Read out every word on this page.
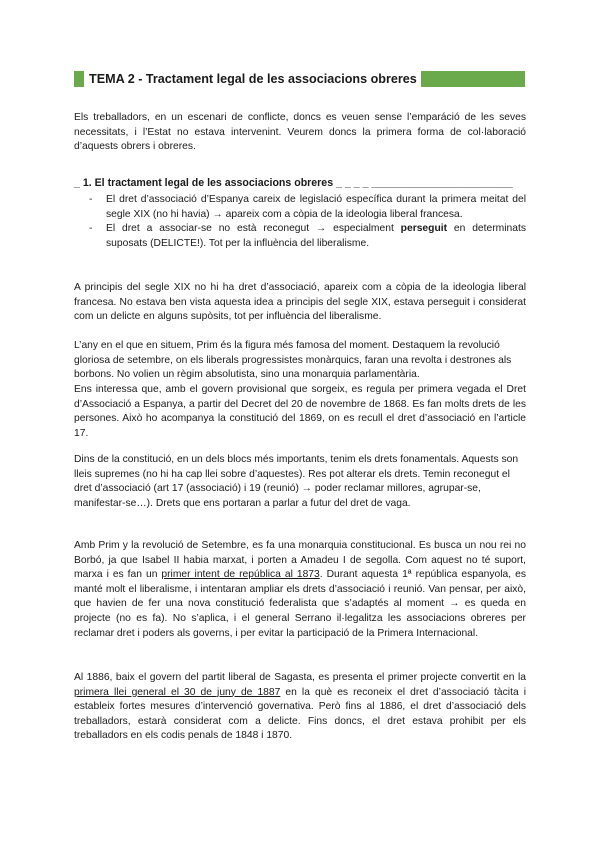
TEMA 2 - Tractament legal de les associacions obreres

Els treballadors, en un escenari de conflicte, doncs es veuen sense l’emparáció de les seves necessitats, i l’Estat no estava intervenint. Veurem doncs la primera forma de col·laboració d’aquests obrers i obreres.

_ 1. El tractament legal de les associacions obreres _ _ _ _ ________________________
- El dret d’associació d’Espanya careix de legislació específica durant la primera meitat del segle XIX (no hi havia) → apareix com a còpia de la ideologia liberal francesa.
- El dret a associar-se no està reconegut → especialment perseguit en determinats suposats (DELICTE!). Tot per la influència del liberalisme.

A principis del segle XIX no hi ha dret d’associació, apareix com a còpia de la ideologia liberal francesa. No estava ben vista aquesta idea a principis del segle XIX, estava perseguit i considerat com un delicte en alguns supòsits, tot per influència del liberalisme.

L’any en el que en situem, Prim és la figura més famosa del moment. Destaquem la revolució gloriosa de setembre, on els liberals progressistes monàrquics, faran una revolta i destrones als borbons. No volien un règim absolutista, sino una monarquia parlamentària.

Ens interessa que, amb el govern provisional que sorgeix, es regula per primera vegada el Dret d’Associació a Espanya, a partir del Decret del 20 de novembre de 1868. Es fan molts drets de les persones. Això ho acompanya la constitució del 1869, on es recull el dret d’associació en l’article 17.

Dins de la constitució, en un dels blocs més importants, tenim els drets fonamentals. Aquests son lleis supremes (no hi ha cap llei sobre d’aquestes). Res pot alterar els drets. Temin reconegut el dret d’associació (art 17 (associació) i 19 (reunió) → poder reclamar millores, agrupar-se, manifestar-se…). Drets que ens portaran a parlar a futur del dret de vaga.

Amb Prim y la revolució de Setembre, es fa una monarquia constitucional. Es busca un nou rei no Borbó, ja que Isabel II habia marxat, i porten a Amadeu I de segolla. Com aquest no té suport, marxa i es fan un primer intent de república al 1873. Durant aquesta 1ª república espanyola, es manté molt el liberalisme, i intentaran ampliar els drets d’associació i reunió. Van pensar, per això, que havien de fer una nova constitució federalista que s’adaptés al moment → es queda en projecte (no es fa). No s’aplica, i el general Serrano il·legalitza les associacions obreres per reclamar dret i poders als governs, i per evitar la participació de la Primera Internacional.

Al 1886, baix el govern del partit liberal de Sagasta, es presenta el primer projecte convertit en la primera llei general el 30 de juny de 1887 en la què es reconeix el dret d’associació tàcita i estableix fortes mesures d’intervenció governativa. Però fins al 1886, el dret d’associació dels treballadors, estarà considerat com a delicte. Fins doncs, el dret estava prohibit per els treballadors en els codis penals de 1848 i 1870.
